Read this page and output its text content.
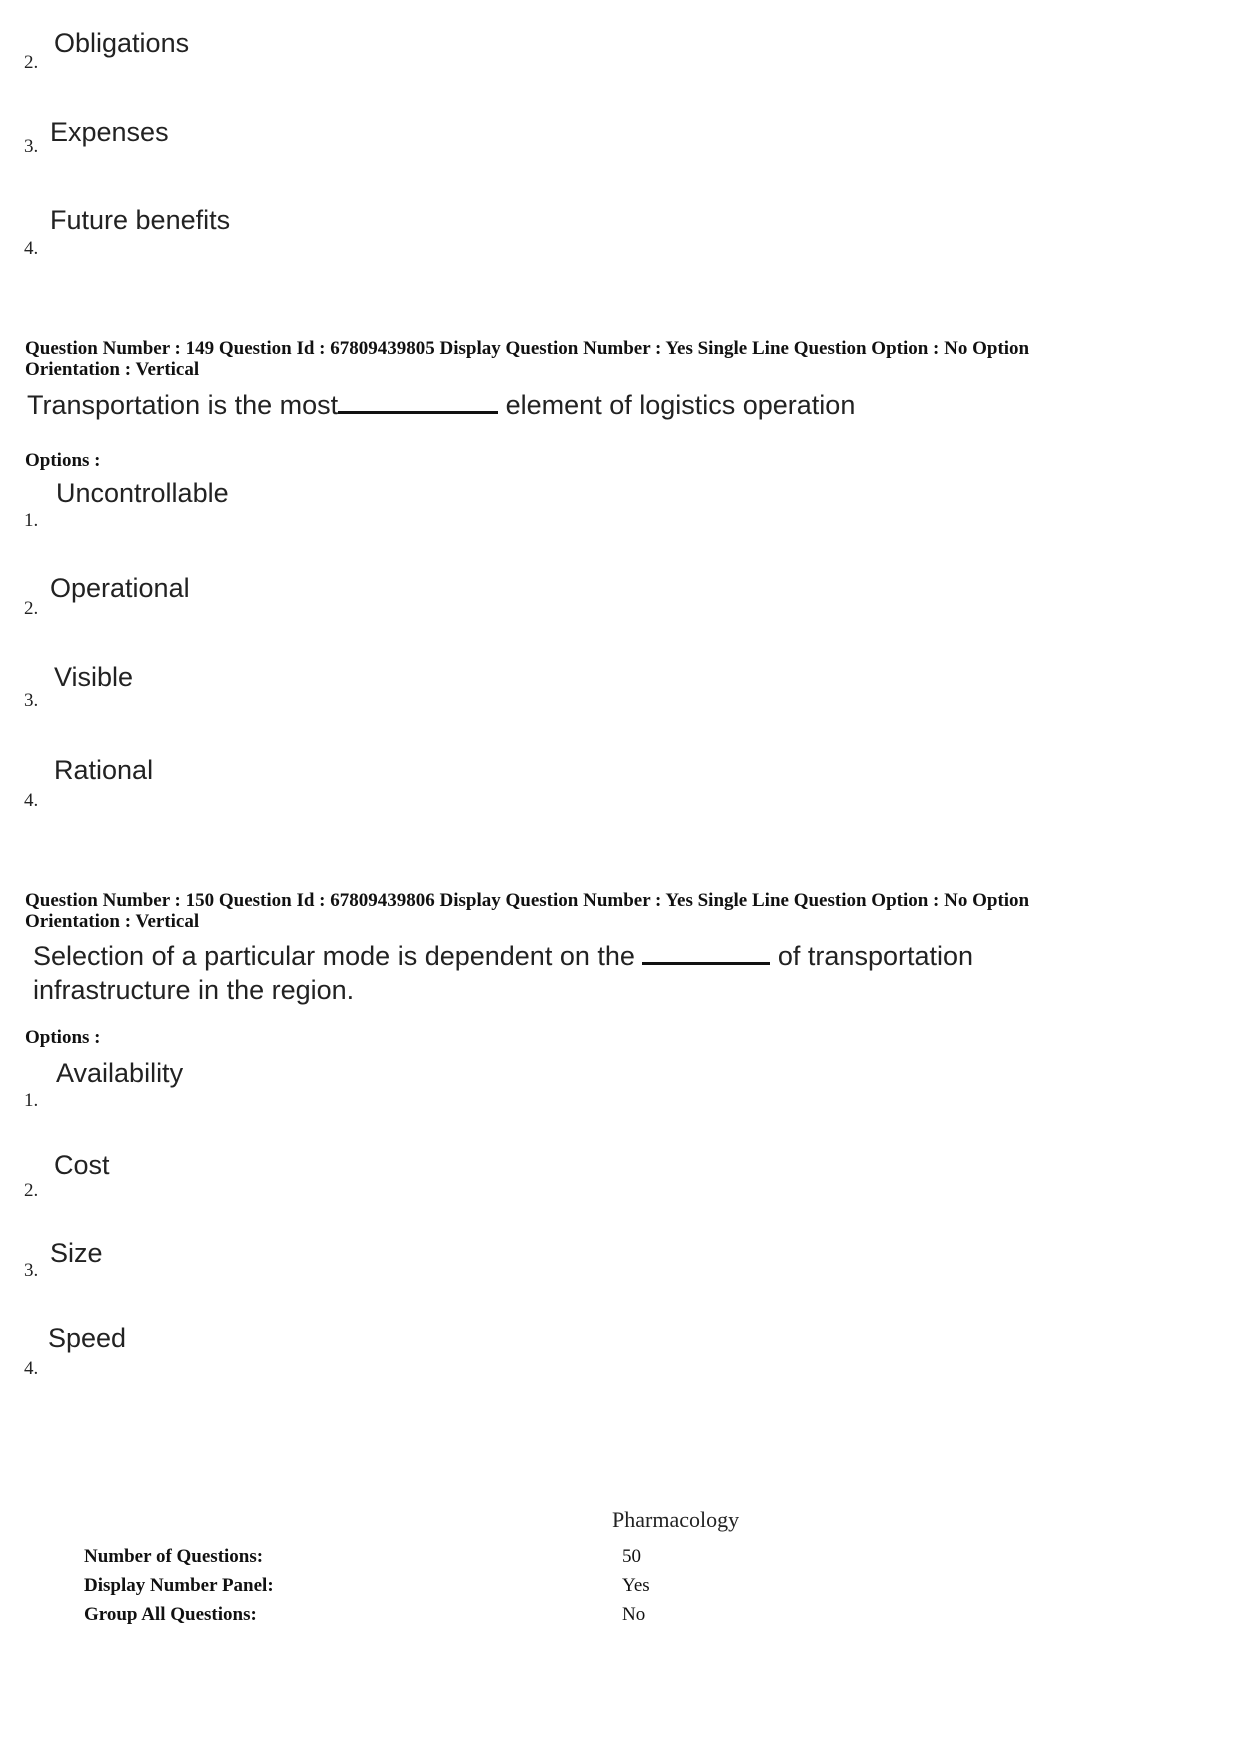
Obligations
2.
Expenses
3.
Future benefits
4.
Question Number : 149 Question Id : 67809439805 Display Question Number : Yes Single Line Question Option : No Option
Orientation : Vertical
Transportation is the most	element of logistics operation
Options :
Uncontrollable
1.
Operational
2.
Visible
3.
Rational
4.
Question Number : 150 Question Id : 67809439806 Display Question Number : Yes Single Line Question Option : No Option
Orientation : Vertical
Selection of a particular mode is dependent on the	of transportation
infrastructure in the region.
Options :
Availability
1.
Cost
2.
Size
3.
Speed
4.
Pharmacology
Number of Questions:	50
Display Number Panel:	Yes
Group All Questions:	No
